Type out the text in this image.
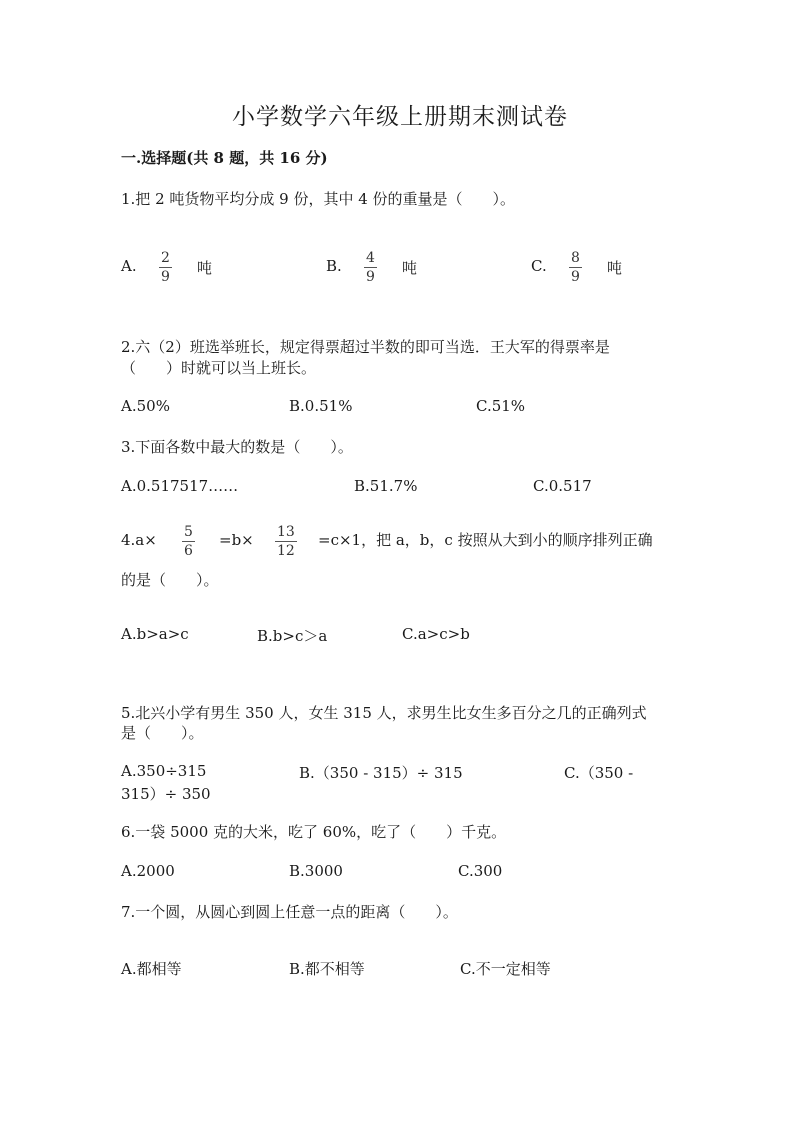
小学数学六年级上册期末测试卷
一.选择题(共 8 题，共 16 分)
1.把 2 吨货物平均分成 9 份，其中 4 份的重量是（　　）。
A. 2
9 吨	B. 4
9 吨	C. 8
9 吨
2.六（2）班选举班长，规定得票超过半数的即可当选．王大军的得票率是
（　　）时就可以当上班长。
A.50%	B.0.51%	C.51%
3.下面各数中最大的数是（　　）。
A.0.517517……	B.51.7%	C.0.517
4.a× 5
6
=b× 13
12
=c×1，把 a，b，c 按照从大到小的顺序排列正确
的是（　　）。
A.b>a>c	B.b>c＞a	C.a>c>b
5.北兴小学有男生 350 人，女生 315 人，求男生比女生多百分之几的正确列式
是（　　）。
A.350÷315	B.（350 - 315）÷ 315	C.（350 -
315）÷ 350
6.一袋 5000 克的大米，吃了 60%，吃了（　　）千克。
A.2000	B.3000	C.300
7.一个圆，从圆心到圆上任意一点的距离（　　）。
A.都相等	B.都不相等	C.不一定相等
